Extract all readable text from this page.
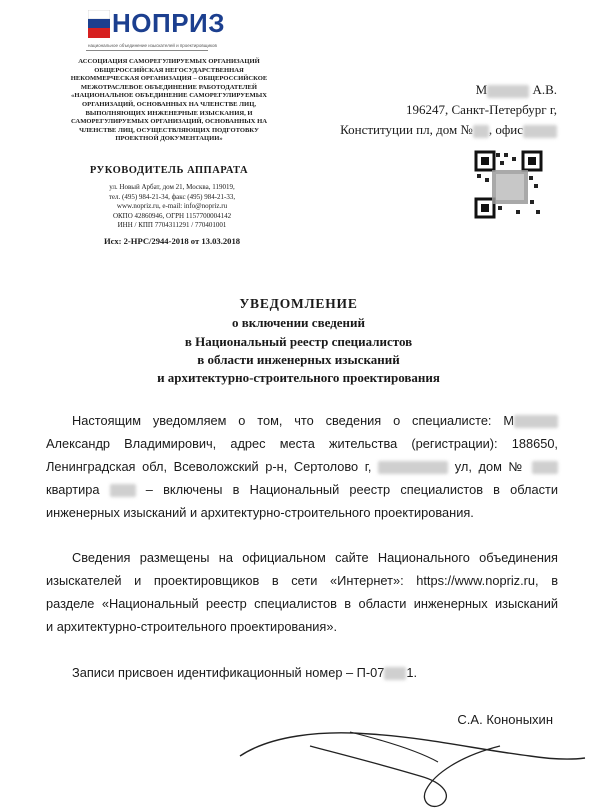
НОПРИЗ
национальное объединение изыскателей и проектировщиков
АССОЦИАЦИЯ САМОРЕГУЛИРУЕМЫХ ОРГАНИЗАЦИЙ
ОБЩЕРОССИЙСКАЯ НЕГОСУДАРСТВЕННАЯ
НЕКОММЕРЧЕСКАЯ ОРГАНИЗАЦИЯ – ОБЩЕРОССИЙСКОЕ
МЕЖОТРАСЛЕВОЕ ОБЪЕДИНЕНИЕ РАБОТОДАТЕЛЕЙ
«НАЦИОНАЛЬНОЕ ОБЪЕДИНЕНИЕ САМОРЕГУЛИРУЕМЫХ
ОРГАНИЗАЦИЙ, ОСНОВАННЫХ НА ЧЛЕНСТВЕ ЛИЦ,
ВЫПОЛНЯЮЩИХ ИНЖЕНЕРНЫЕ ИЗЫСКАНИЯ, И
САМОРЕГУЛИРУЕМЫХ ОРГАНИЗАЦИЙ, ОСНОВАННЫХ НА
ЧЛЕНСТВЕ ЛИЦ, ОСУЩЕСТВЛЯЮЩИХ ПОДГОТОВКУ
ПРОЕКТНОЙ ДОКУМЕНТАЦИИ»
РУКОВОДИТЕЛЬ АППАРАТА
ул. Новый Арбат, дом 21, Москва, 119019,
тел. (495) 984-21-34, факс (495) 984-21-33,
www.nopriz.ru, e-mail: info@nopriz.ru
ОКПО 42860946, ОГРН 1157700004142
ИНН / КПП 7704311291 / 770401001
Исх: 2-НРС/2944-2018 от 13.03.2018
М	А.В.
196247, Санкт-Петербург г,
Конституции пл, дом № , офис
УВЕДОМЛЕНИЕ
о включении сведений
в Национальный реестр специалистов
в области инженерных изысканий
и архитектурно-строительного проектирования
Настоящим уведомляем о том, что сведения о специалисте: М
Александр Владимирович, адрес места жительства (регистрации): 188650,
Ленинградская обл, Всеволожский р-н, Сертолово г,	ул, дом №
квартира	– включены в Национальный реестр специалистов в области
инженерных изысканий и архитектурно-строительного проектирования.
Сведения размещены на официальном сайте Национального объединения
изыскателей и проектировщиков в сети «Интернет»: https://www.nopriz.ru, в
разделе «Национальный реестр специалистов в области инженерных изысканий
и архитектурно-строительного проектирования».
Записи присвоен идентификационный номер – П-07 1.
С.А. Кононыхин
